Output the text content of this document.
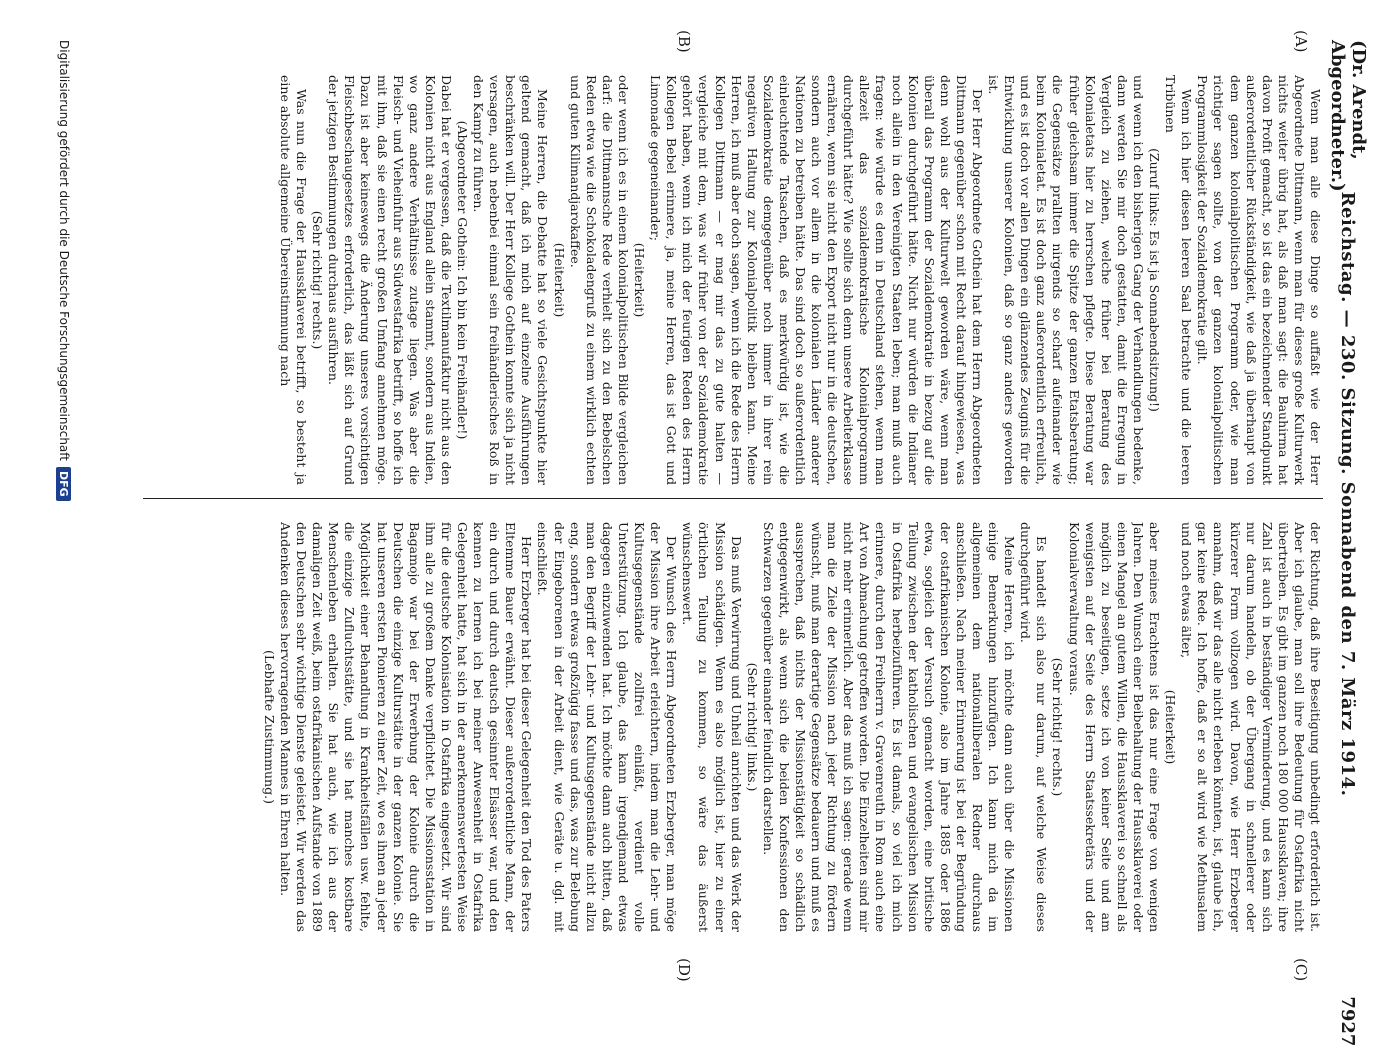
(Dr. Arendt, Abgeordneter.)
Reichstag. — 230. Sitzung. Sonnabend den 7. März 1914.
7927
(A)
(B)
(C)
(D)

Wenn man alle diese Dinge so auffaßt wie der Herr Abgeordnete Dittmann, wenn man für dieses große Kulturwerk nichts weiter übrig hat, als daß man sagt: die Bauhirma hat davon Profit gemacht, so ist das ein bezeichnender Standpunkt außerordentlicher Rückständigkeit, wie daß ja überhaupt von dem ganzen kolonialpolitischen Programm oder, wie man richtiger sagen sollte, von der ganzen kolonialpolitischen Programmlosigkeit der Sozialdemokratie gilt.

Wenn ich hier diesen leeren Saal betrachte und die leeren Tribünen

(Zuruf links: Es ist ja Sonnabendsitzung!)

und wenn ich den bisherigen Gang der Verhandlungen bedenke, dann werden Sie mir doch gestatten, damit die Erregung in Vergleich zu ziehen, welche früher bei Beratung des Kolonialetats hier zu herrschen pflegte. Diese Beratung war früher gleichsam immer die Spitze der ganzen Etatsberatung; die Gegensätze prallten nirgends so scharf aufeinander wie beim Kolonialetat. Es ist doch ganz außerordentlich erfreulich, und es ist doch vor allen Dingen ein glänzendes Zeugnis für die Entwicklung unserer Kolonien, daß so ganz anders geworden ist.

Der Herr Abgeordnete Gothein hat dem Herrn Abgeordneten Dittmann gegenüber schon mit Recht darauf hingewiesen, was denn wohl aus der Kulturwelt geworden wäre, wenn man überall das Programm der Sozialdemokratie in bezug auf die Kolonien durchgeführt hätte. Nicht nur würden die Indianer noch allein in den Vereinigten Staaten leben; man muß auch fragen: wie würde es denn in Deutschland stehen, wenn man allezeit das sozialdemokratische Kolonialprogramm durchgeführt hätte? Wie sollte sich denn unsere Arbeiterklasse ernähren, wenn sie nicht den Export nicht nur in die deutschen, sondern auch vor allem in die kolonialen Länder anderer Nationen zu betreiben hätte. Das sind doch so außerordentlich einleuchtende Tatsachen, daß es merkwürdig ist, wie die Sozialdemokratie demgegenüber noch immer in ihrer rein negativen Haltung zur Kolonialpolitik bleiben kann. Meine Herren, ich muß aber doch sagen, wenn ich die Rede des Herrn Kollegen Dittmann — er mag mir das zu gute halten — vergleiche mit dem, was wir früher von der Sozialdemokratie gehört haben, wenn ich mich der feurigen Reden des Herrn Kollegen Bebel erinnere, ja, meine Herren, das ist Gott und Limonade gegeneinander;

(Heiterkeit)

oder wenn ich es in einem kolonialpolitischen Bilde vergleichen darf: die Dittmannsche Rede verhielt sich zu den Bebelschen Reden etwa wie die Schokoladengruß zu einem wirklich echten und guten Kilimandjarokaffee.

(Heiterkeit)

Meine Herren, die Debatte hat so viele Gesichtspunkte hier geltend gemacht, daß ich mich auf einzelne Ausführungen beschränken will. Der Herr Kollege Gothein konnte sich ja nicht versagen, auch nebenbei einmal sein freihändlerisches Roß in den Kampf zu führen.

(Abgeordneter Gothein: Ich bin kein Freihändler!)

Dabei hat er vergessen, daß die Textilmanufaktur nicht aus den Kolonien nicht aus England allein stammt, sondern aus Indien, wo ganz andere Verhältnisse zutage liegen. Was aber die Fleisch- und Vieheinfuhr aus Südwestafrika betrifft, so hoffe ich mit ihm, daß sie einen recht großen Umfang annehmen möge. Dazu ist aber keineswegs die Änderung unseres vorsichtigen Fleischbeschaugesetzes erforderlich, das läßt sich auf Grund der jetzigen Bestimmungen durchaus ausführen.

(Sehr richtig! rechts.)

Was nun die Frage der Haussklaverei betrifft, so besteht ja eine absolute allgemeine Übereinstimmung nach

der Richtung, daß ihre Beseitigung unbedingt erforderlich ist. Aber ich glaube, man soll ihre Bedeutung für Ostafrika nicht übertreiben. Es gibt im ganzen noch 180 000 Haussklaven; ihre Zahl ist auch in beständiger Verminderung, und es kann sich nur darum handeln, ob der Übergang in schnellerer oder kürzerer Form vollzogen wird. Davon, wie Herr Erzberger annahm, daß wir das alle nicht erleben könnten, ist, glaube ich, gar keine Rede. Ich hoffe, daß er so alt wird wie Methusalem und noch etwas älter,

(Heiterkeit)

aber meines Erachtens ist das nur eine Frage von wenigen Jahren. Den Wunsch einer Beibehaltung der Haussklaverei oder einen Mangel an gutem Willen, die Haussklaverei so schnell als möglich zu beseitigen, setze ich von keiner Seite und am wenigsten auf der Seite des Herrn Staatssekretärs und der Kolonialverwaltung voraus.

(Sehr richtig! rechts.)

Es handelt sich also nur darum, auf welche Weise dieses durchgeführt wird.

Meine Herren, ich möchte dann auch über die Missionen einige Bemerkungen hinzufügen. Ich kann mich da im allgemeinen dem nationalliberalen Redner durchaus anschließen. Nach meiner Erinnerung ist bei der Begründung der ostafrikanischen Kolonie, also im Jahre 1885 oder 1886 etwa, sogleich der Versuch gemacht worden, eine britische Teilung zwischen der katholischen und evangelischen Mission in Ostafrika herbeizuführen. Es ist damals, so viel ich mich erinnere, durch den Freiherrn v. Gravenreuth in Rom auch eine Art von Abmachung getroffen worden. Die Einzelheiten sind mir nicht mehr erinnerlich. Aber das muß ich sagen: gerade wenn man die Ziele der Mission nach jeder Richtung zu fördern wünscht, muß man derartige Gegensätze bedauern und muß es aussprechen, daß nichts der Missionstätigkeit so schädlich entgegenwirkt, als wenn sich die beiden Konfessionen den Schwarzen gegenüber einander feindlich darstellen.

(Sehr richtig! links.)

Das muß Verwirrung und Unheil anrichten und das Werk der Mission schädigen. Wenn es also möglich ist, hier zu einer örtlichen Teilung zu kommen, so wäre das äußerst wünschenswert.

Der Wunsch des Herrn Abgeordneten Erzberger, man möge der Mission ihre Arbeit erleichtern, indem man die Lehr- und Kultusgegenstände zollfrei einläßt, verdient volle Unterstützung. Ich glaube, das kann irgendjemand etwas dagegen einzuwenden hat. Ich möchte dann auch bitten, daß man den Begriff der Lehr- und Kultusgegenstände nicht allzu eng, sondern etwas großzügig fasse und das, was zur Belebung der Eingeborenen in der Arbeit dient, wie Geräte u. dgl. mit einschließt.

Herr Erzberger hat bei dieser Gelegenheit den Tod des Paters Eltemme Bauer erwähnt. Dieser außerordentliche Mann, der ein durch und durch deutsch gesinnter Elsässer war, und den kennen zu lernen ich bei meiner Anwesenheit in Ostafrika Gelegenheit hatte, hat sich in der anerkennenswertesten Weise für die deutsche Kolonisation in Ostafrika eingesetzt. Wir sind ihm alle zu großem Danke verpflichtet. Die Missionsstation in Bagamojo war bei der Erwerbung der Kolonie durch die Deutschen die einzige Kulturstätte in der ganzen Kolonie. Sie hat unseren ersten Pionieren zu einer Zeit, wo es ihnen an jeder Möglichkeit einer Behandlung in Krankheitsfällen usw. fehlte, die einzige Zufluchtsstätte, und sie hat manches kostbare Menschenleben erhalten. Sie hat auch, wie ich aus der damaligen Zeit weiß, beim ostafrikanischen Aufstande von 1889 den Deutschen sehr wichtige Dienste geleistet. Wir werden das Andenken dieses hervorragenden Mannes in Ehren halten.

(Lebhafte Zustimmung.)

Digitalisierung gefördert durch die Deutsche Forschungsgemeinschaft
DFG
